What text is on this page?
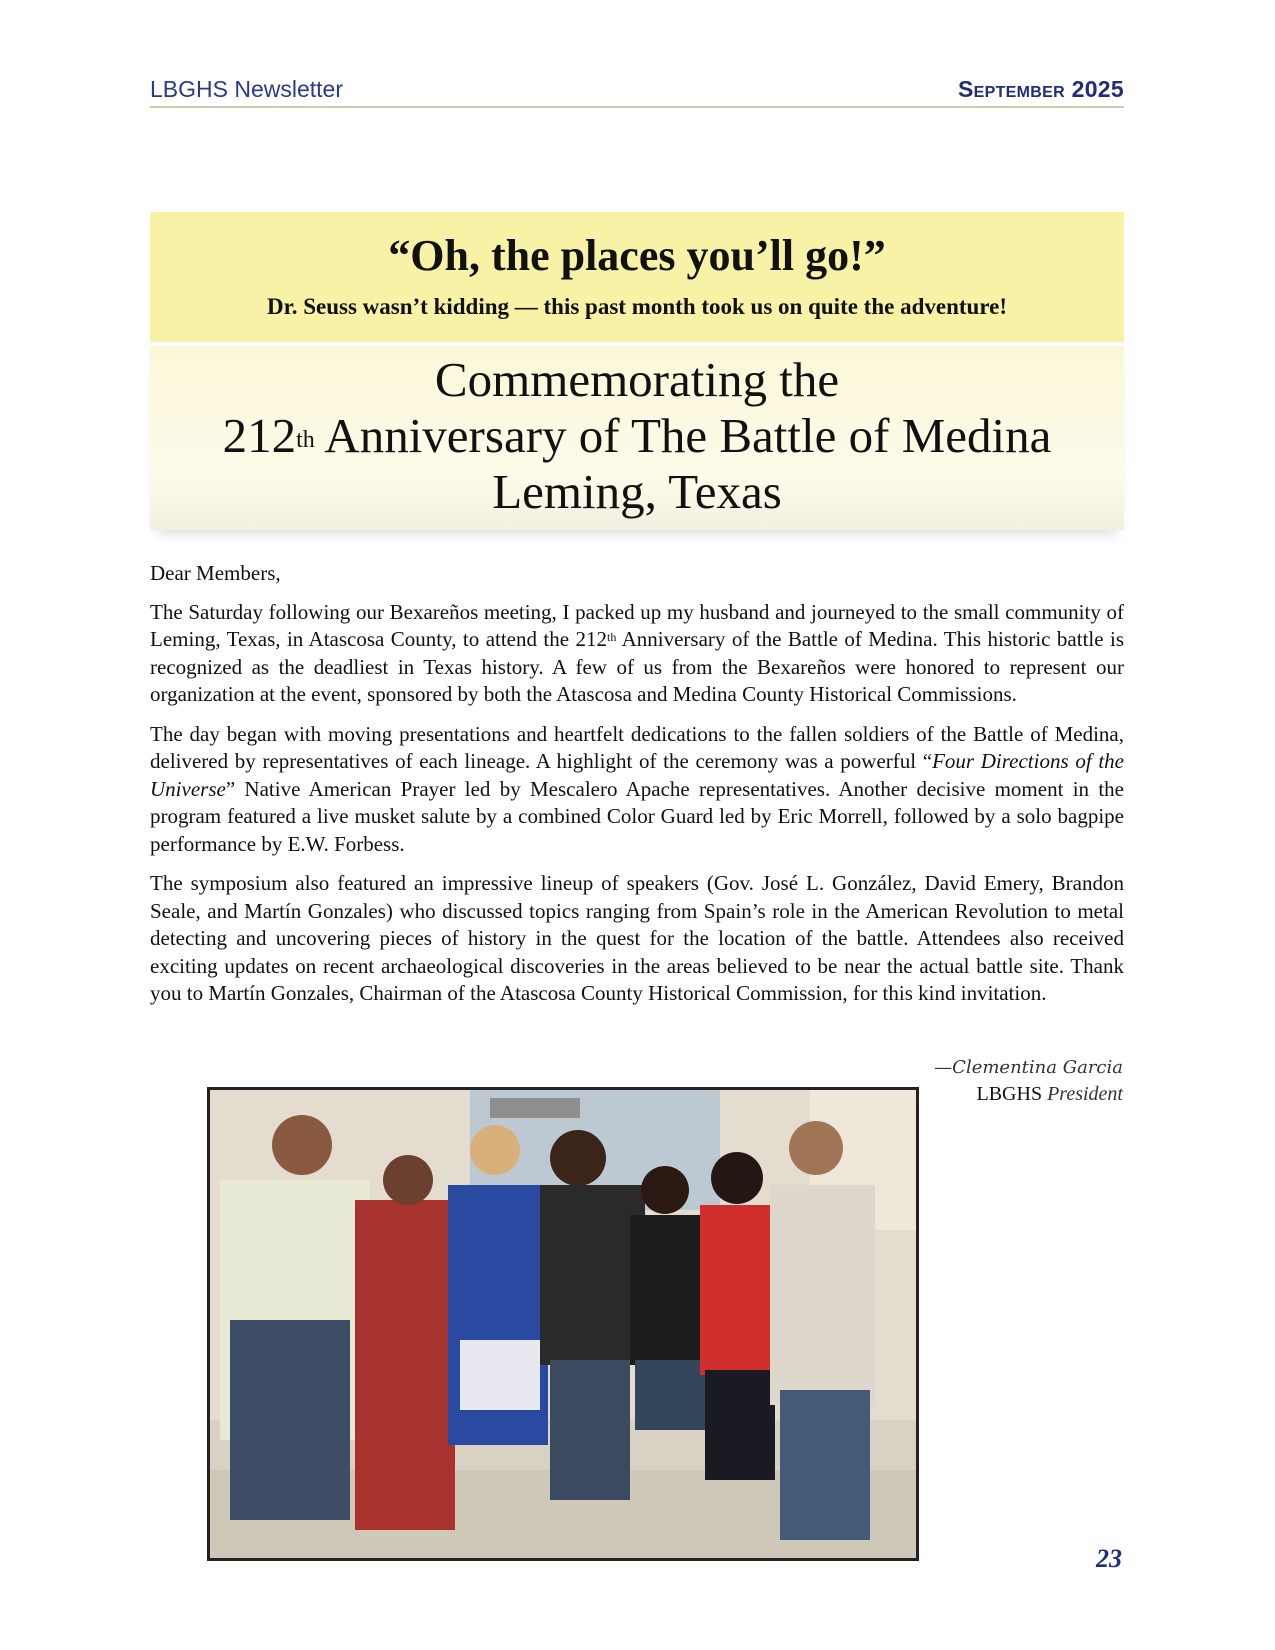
LBGHS Newsletter	September 2025
“Oh, the places you’ll go!”
Dr. Seuss wasn’t kidding — this past month took us on quite the adventure!
Commemorating the
212th Anniversary of The Battle of Medina
Leming, Texas

Dear Members,

The Saturday following our Bexareños meeting, I packed up my husband and journeyed to the small community of Leming, Texas, in Atascosa County, to attend the 212th Anniversary of the Battle of Medina. This historic battle is recognized as the deadliest in Texas history. A few of us from the Bexareños were honored to represent our organization at the event, sponsored by both the Atascosa and Medina County Historical Commissions.

The day began with moving presentations and heartfelt dedications to the fallen soldiers of the Battle of Medina, delivered by representatives of each lineage. A highlight of the ceremony was a powerful “Four Directions of the Universe” Native American Prayer led by Mescalero Apache representatives. Another decisive moment in the program featured a live musket salute by a combined Color Guard led by Eric Morrell, followed by a solo bagpipe performance by E.W. Forbess.

The symposium also featured an impressive lineup of speakers (Gov. José L. González, David Emery, Brandon Seale, and Martín Gonzales) who discussed topics ranging from Spain’s role in the American Revolution to metal detecting and uncovering pieces of history in the quest for the location of the battle. Attendees also received exciting updates on recent archaeological discoveries in the areas believed to be near the actual battle site. Thank you to Martín Gonzales, Chairman of the Atascosa County Historical Commission, for this kind invitation.

—Clementina Garcia
LBGHS President
23
